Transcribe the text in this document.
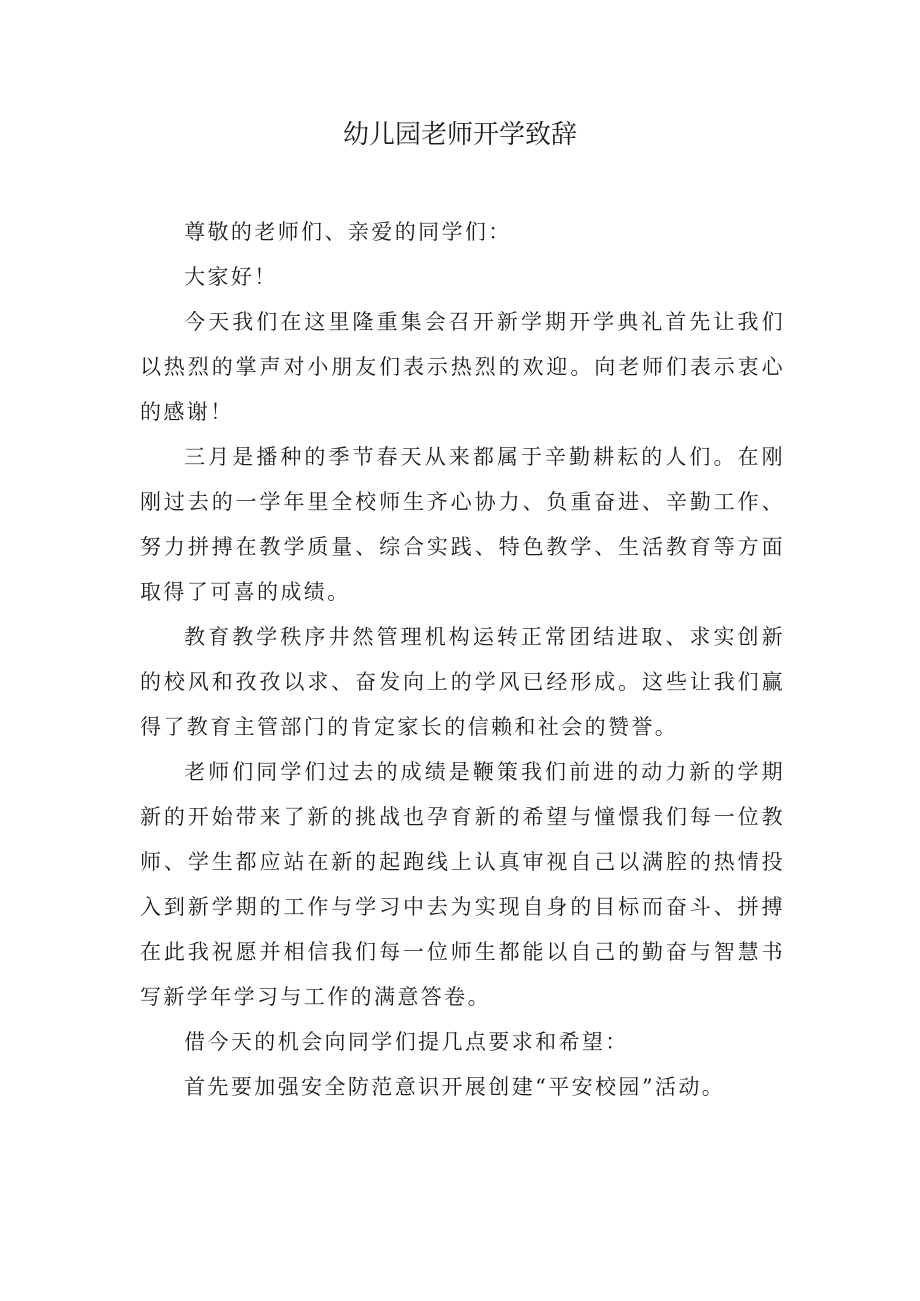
幼儿园老师开学致辞

尊敬的老师们、亲爱的同学们：

大家好！

今天我们在这里隆重集会召开新学期开学典礼首先让我们以热烈的掌声对小朋友们表示热烈的欢迎。向老师们表示衷心的感谢！

三月是播种的季节春天从来都属于辛勤耕耘的人们。在刚刚过去的一学年里全校师生齐心协力、负重奋进、辛勤工作、努力拼搏在教学质量、综合实践、特色教学、生活教育等方面取得了可喜的成绩。

教育教学秩序井然管理机构运转正常团结进取、求实创新的校风和孜孜以求、奋发向上的学风已经形成。这些让我们赢得了教育主管部门的肯定家长的信赖和社会的赞誉。

老师们同学们过去的成绩是鞭策我们前进的动力新的学期新的开始带来了新的挑战也孕育新的希望与憧憬我们每一位教师、学生都应站在新的起跑线上认真审视自己以满腔的热情投入到新学期的工作与学习中去为实现自身的目标而奋斗、拼搏在此我祝愿并相信我们每一位师生都能以自己的勤奋与智慧书写新学年学习与工作的满意答卷。

借今天的机会向同学们提几点要求和希望：

首先要加强安全防范意识开展创建“平安校园”活动。
